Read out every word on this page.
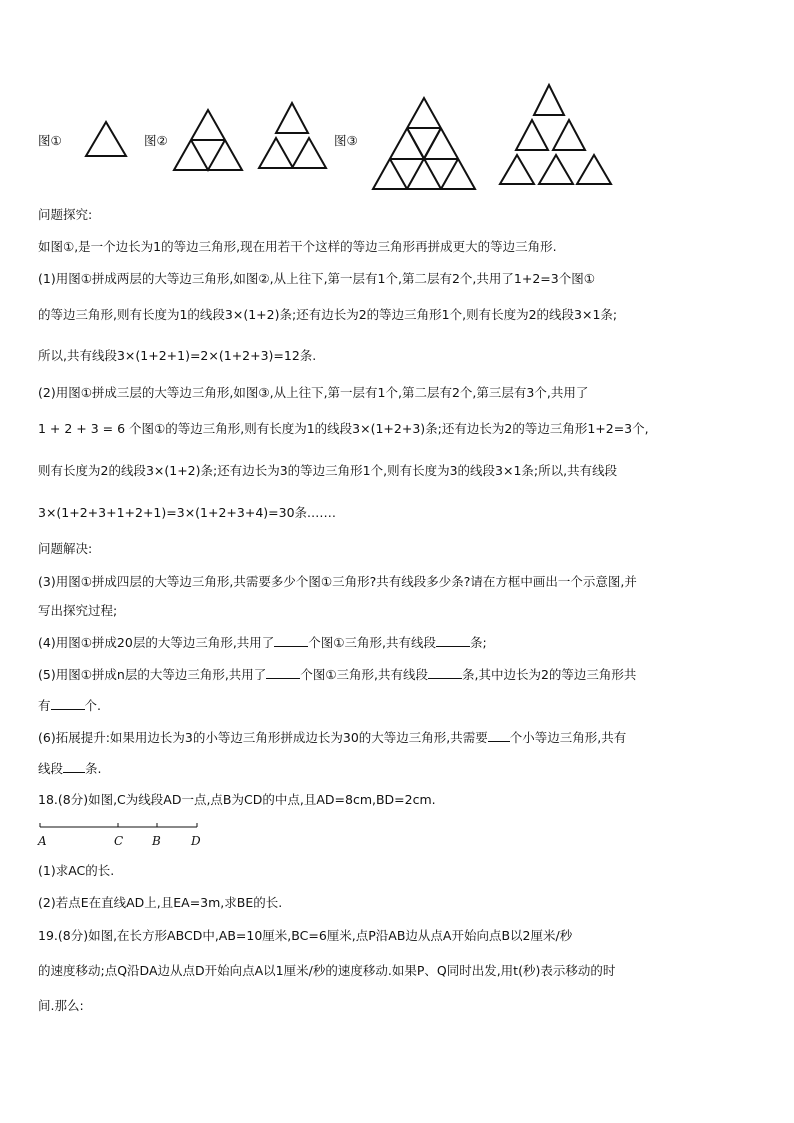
图①	图②	图③
问题探究:
如图①,是一个边长为1的等边三角形,现在用若干个这样的等边三角形再拼成更大的等边三角形.
(1)用图①拼成两层的大等边三角形,如图②,从上往下,第一层有1个,第二层有2个,共用了1+2=3个图①
的等边三角形,则有长度为1的线段3×(1+2)条;还有边长为2的等边三角形1个,则有长度为2的线段3×1条;
所以,共有线段3×(1+2+1)=2×(1+2+3)=12条.
(2)用图①拼成三层的大等边三角形,如图③,从上往下,第一层有1个,第二层有2个,第三层有3个,共用了
1 + 2 + 3 = 6 个图①的等边三角形,则有长度为1的线段3×(1+2+3)条;还有边长为2的等边三角形1+2=3个,
则有长度为2的线段3×(1+2)条;还有边长为3的等边三角形1个,则有长度为3的线段3×1条;所以,共有线段
3×(1+2+3+1+2+1)=3×(1+2+3+4)=30条.……
问题解决:
(3)用图①拼成四层的大等边三角形,共需要多少个图①三角形?共有线段多少条?请在方框中画出一个示意图,并
写出探究过程;
(4)用图①拼成20层的大等边三角形,共用了	个图①三角形,共有线段	条;
(5)用图①拼成n层的大等边三角形,共用了	个图①三角形,共有线段	条,其中边长为2的等边三角形共
有	个.
(6)拓展提升:如果用边长为3的小等边三角形拼成边长为30的大等边三角形,共需要 个小等边三角形,共有
线段 条.
18.(8分)如图,C为线段AD一点,点B为CD的中点,且AD=8cm,BD=2cm.
A	C B	D
(1)求AC的长.
(2)若点E在直线AD上,且EA=3m,求BE的长.
19.(8分)如图,在长方形ABCD中,AB=10厘米,BC=6厘米,点P沿AB边从点A开始向点B以2厘米/秒
的速度移动;点Q沿DA边从点D开始向点A以1厘米/秒的速度移动.如果P、Q同时出发,用t(秒)表示移动的时
间.那么:
